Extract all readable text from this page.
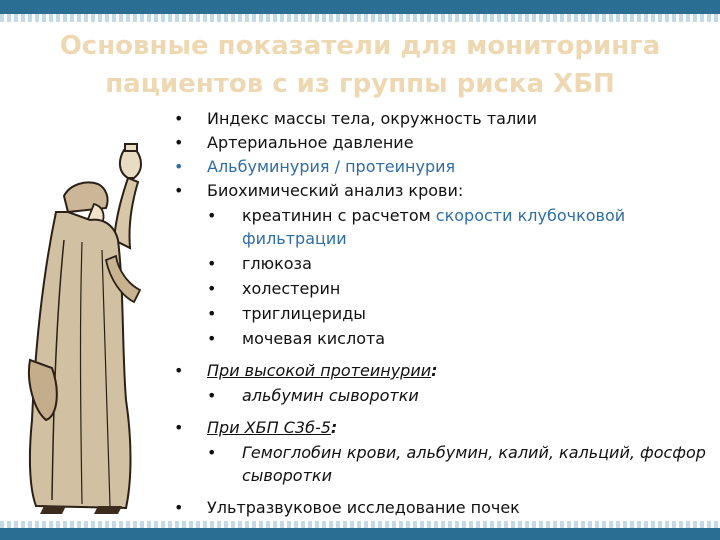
Основные показатели для мониторинга
пациентов с из группы риска ХБП
• Индекс массы тела, окружность талии
• Артериальное давление
• Альбуминурия / протеинурия
• Биохимический анализ крови:
• креатинин с расчетом скорости клубочковой фильтрации
• глюкоза
• холестерин
• триглицериды
• мочевая кислота
• При высокой протеинурии:
• альбумин сыворотки
• При ХБП С3б-5:
• Гемоглобин крови, альбумин, калий, кальций, фосфор сыворотки
• Ультразвуковое исследование почек
